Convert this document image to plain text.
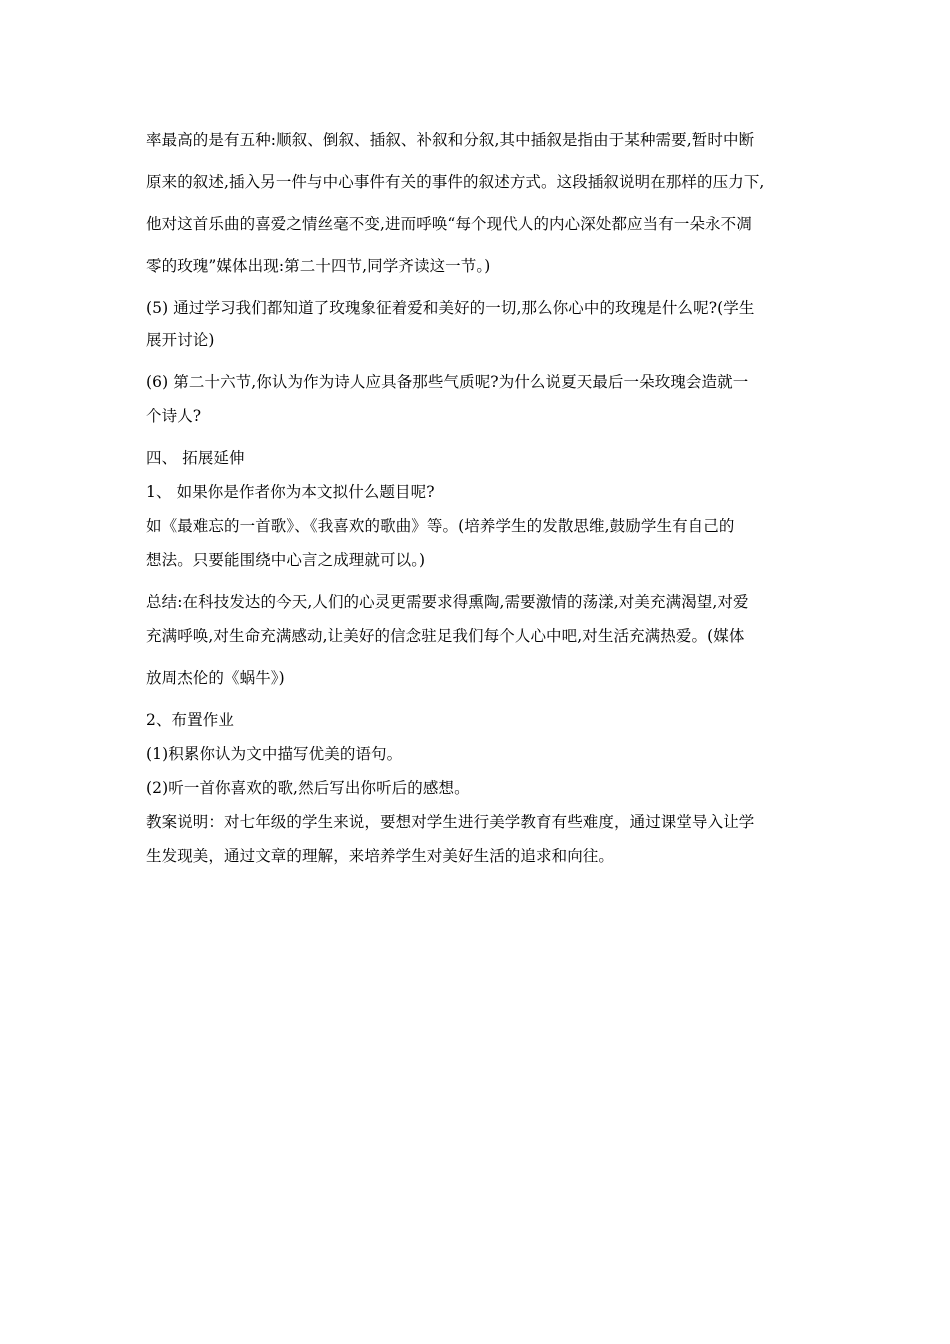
率最高的是有五种:顺叙、倒叙、插叙、补叙和分叙,其中插叙是指由于某种需要,暂时中断
原来的叙述,插入另一件与中心事件有关的事件的叙述方式。这段插叙说明在那样的压力下,
他对这首乐曲的喜爱之情丝毫不变,进而呼唤“每个现代人的内心深处都应当有一朵永不凋
零的玫瑰”媒体出现:第二十四节,同学齐读这一节。)
(5) 通过学习我们都知道了玫瑰象征着爱和美好的一切,那么你心中的玫瑰是什么呢?(学生
展开讨论)
(6) 第二十六节,你认为作为诗人应具备那些气质呢?为什么说夏天最后一朵玫瑰会造就一
个诗人?
四、 拓展延伸
1、 如果你是作者你为本文拟什么题目呢?
如《最难忘的一首歌》、《我喜欢的歌曲》等。(培养学生的发散思维,鼓励学生有自己的
想法。只要能围绕中心言之成理就可以。)
总结:在科技发达的今天,人们的心灵更需要求得熏陶,需要激情的荡漾,对美充满渴望,对爱
充满呼唤,对生命充满感动,让美好的信念驻足我们每个人心中吧,对生活充满热爱。(媒体
放周杰伦的《蜗牛》)
2、布置作业
(1)积累你认为文中描写优美的语句。
(2)听一首你喜欢的歌,然后写出你听后的感想。
教案说明：对七年级的学生来说，要想对学生进行美学教育有些难度，通过课堂导入让学
生发现美，通过文章的理解，来培养学生对美好生活的追求和向往。
